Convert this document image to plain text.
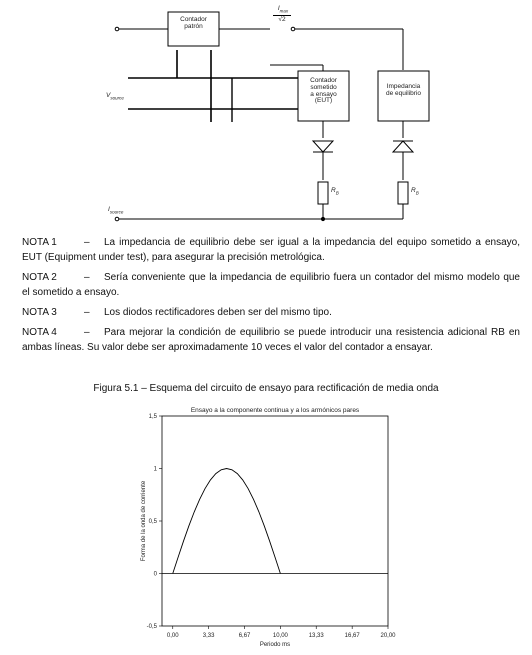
Contador
patrón
$I_{max}$
√2
$V_{source}$
Contador
sometido
a ensayo
(EUT)
Impedancia
de equilibrio
$R_B$	$R_B$
$I_{source}$
NOTA 1	– La impedancia de equilibrio debe ser igual a la impedancia del equipo sometido a ensayo, EUT (Equipment under test), para asegurar la precisión metrológica.
NOTA 2	– Sería conveniente que la impedancia de equilibrio fuera un contador del mismo modelo que el sometido a ensayo.
NOTA 3	– Los diodos rectificadores deben ser del mismo tipo.
NOTA 4	– Para mejorar la condición de equilibrio se puede introducir una resistencia adicional RB en ambas líneas. Su valor debe ser aproximadamente 10 veces el valor del contador a ensayar.
Figura 5.1 – Esquema del circuito de ensayo para rectificación de media onda
Ensayo a la componente continua y a los armónicos pares
1,5
1
0,5
0
-0,5
0,00	3,33	6,67	10,00	13,33	16,67	20,00
Periodo ms
Forma de la onda de corriente
